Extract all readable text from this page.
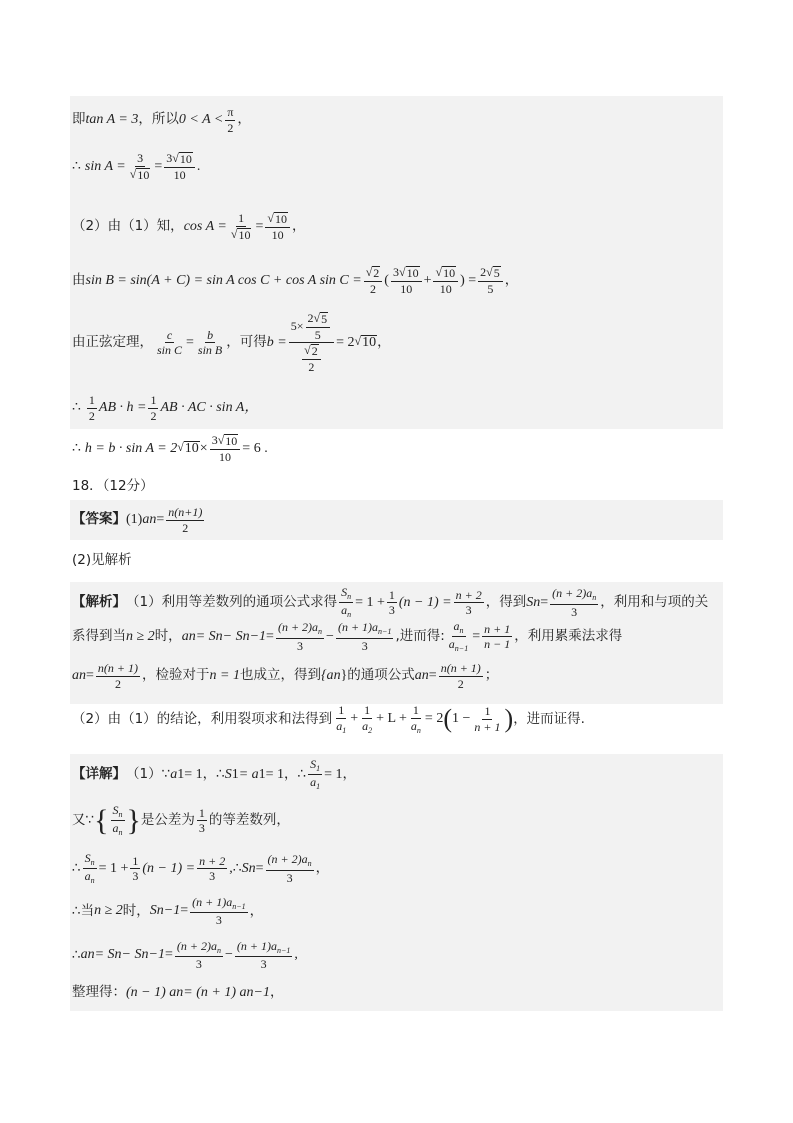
即 tan A = 3 ，所以 $0 < A < \frac{\pi}{2}$ ，
∴ $\sin A = \frac{3}{√ 10} = \frac{3 √ 10}{10}$ .
（2）由（1）知， $\cos A = \frac{1}{√ 10} = \frac{√ 10}{10}$ ，
由 sin B = sin(A + C) = sin A cos C + cos A $\sin C = \frac{√ 2}{2}$ ( $\frac{3 √ 10}{10} + \frac{√ 10}{10}$ ) = $\frac{2 √ 5}{5}$ ，
由正弦定理， $\frac{c}{\text{sin C}} = \frac{b}{\text{sin B}}$ ，可得 $b = \frac{5\times \frac{2 √ 5}{5}}{\frac{√ 2}{2}} = 2$ √ 10 ，
∴ $\frac{1}{2}$ AB · $h = \frac{1}{2}$ AB · AC · sin A，
∴ h = b · sin A = 2 √ $10 \times \frac{3 √ 10}{10} = 6$ .
18．（12分）
【答案】 (1) a $n = \frac{n(n+1)}{2}$
(2)见解析
【解析】 （1）利用等差数列的通项公式求得 $\frac{S_n}{a_n} = 1 + \frac{1}{3} (n - 1) = \frac{n + 2}{3}$ ，得到 S $n = \frac{(n + 2)a_n}{3}$ ，利用和与项的关
系得到当 n ≥ 2 时， a n = S n − S $n-1 = \frac{(n + 2)a_n}{3} - \frac{(n + 1)a_{n-1}}{3}$ ,进而得: $\frac{a_n}{a_{n-1}} = \frac{n + 1}{n - 1}$ ，利用累乘法求得
a $n = \frac{n(n + 1)}{2}$ ，检验对于 n = 1 也成立，得到 {a n } 的通项公式 a $n = \frac{n(n + 1)}{2}$ ；
（2）由（1）的结论，利用裂项求和法得到 $\frac{1}{a_1} + \frac{1}{a_2} + L + \frac{1}{a_n} = 2$ ( $1 - \frac{1}{n + 1}$ ) ，进而证得.
【详解】 （1）∵ a 1 = 1 ，∴ S 1 = a 1 = 1 ，∴ $\frac{S_1}{a_1} = 1$ ，
又∵ { $\frac{S_n}{a_n}$ } 是公差为 $\frac{1}{3}$ 的等差数列，
∴ $\frac{S_n}{a_n} = 1 + \frac{1}{3} (n - 1) = \frac{n + 2}{3}$ ,∴ S $n = \frac{(n + 2)a_n}{3}$ ，
∴当 n ≥ 2 时， S $n-1 = \frac{(n + 1)a_{n-1}}{3}$ ，
∴ a n = S n − S $n-1 = \frac{(n + 2)a_n}{3} - \frac{(n + 1)a_{n-1}}{3}$ ,
整理得： (n − 1) a n = (n + 1) a n−1 ，
